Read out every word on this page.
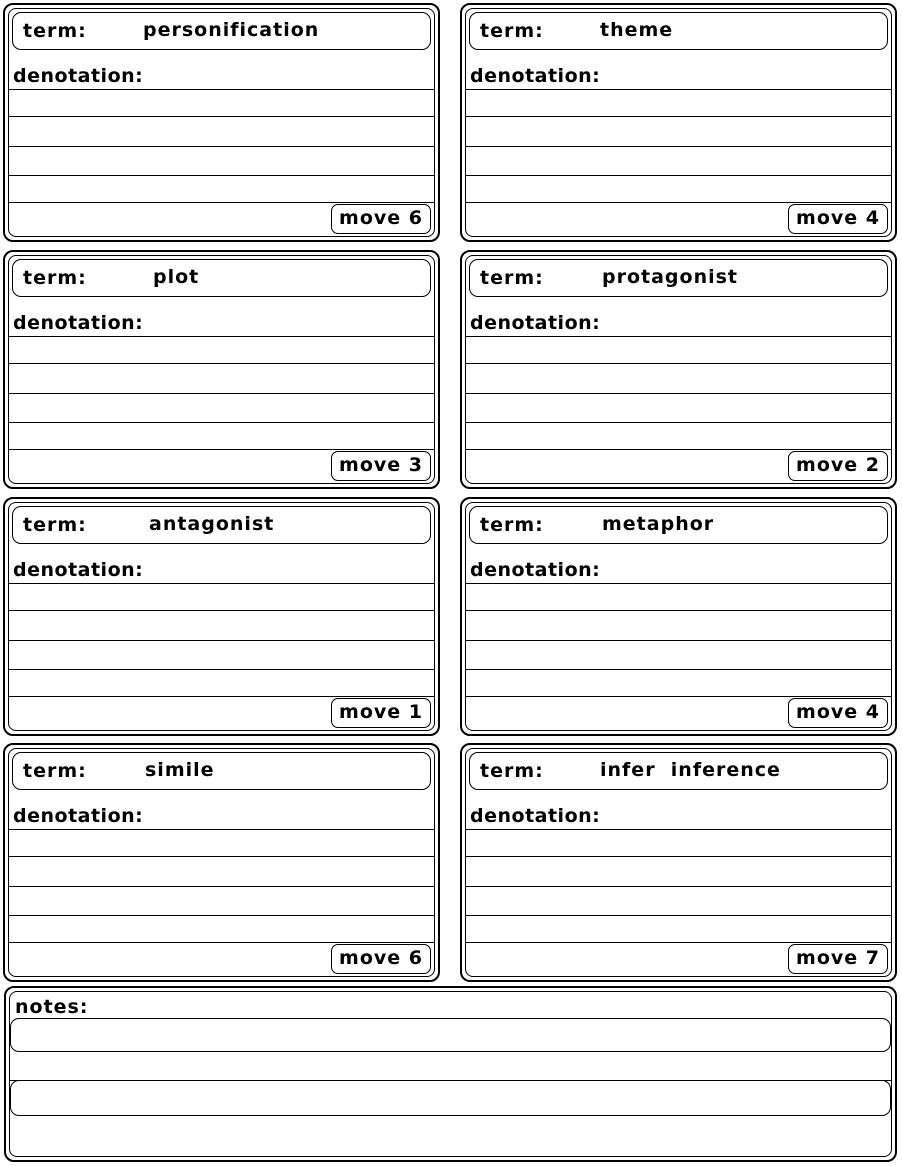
term:	personification
denotation:
move 6
term:	theme
denotation:
move 4
term:	plot
denotation:
move 3
term:	protagonist
denotation:
move 2
term:	antagonist
denotation:
move 1
term:	metaphor
denotation:
move 4
term:	simile
denotation:
move 6
term:	infer  inference
denotation:
move 7
notes:
